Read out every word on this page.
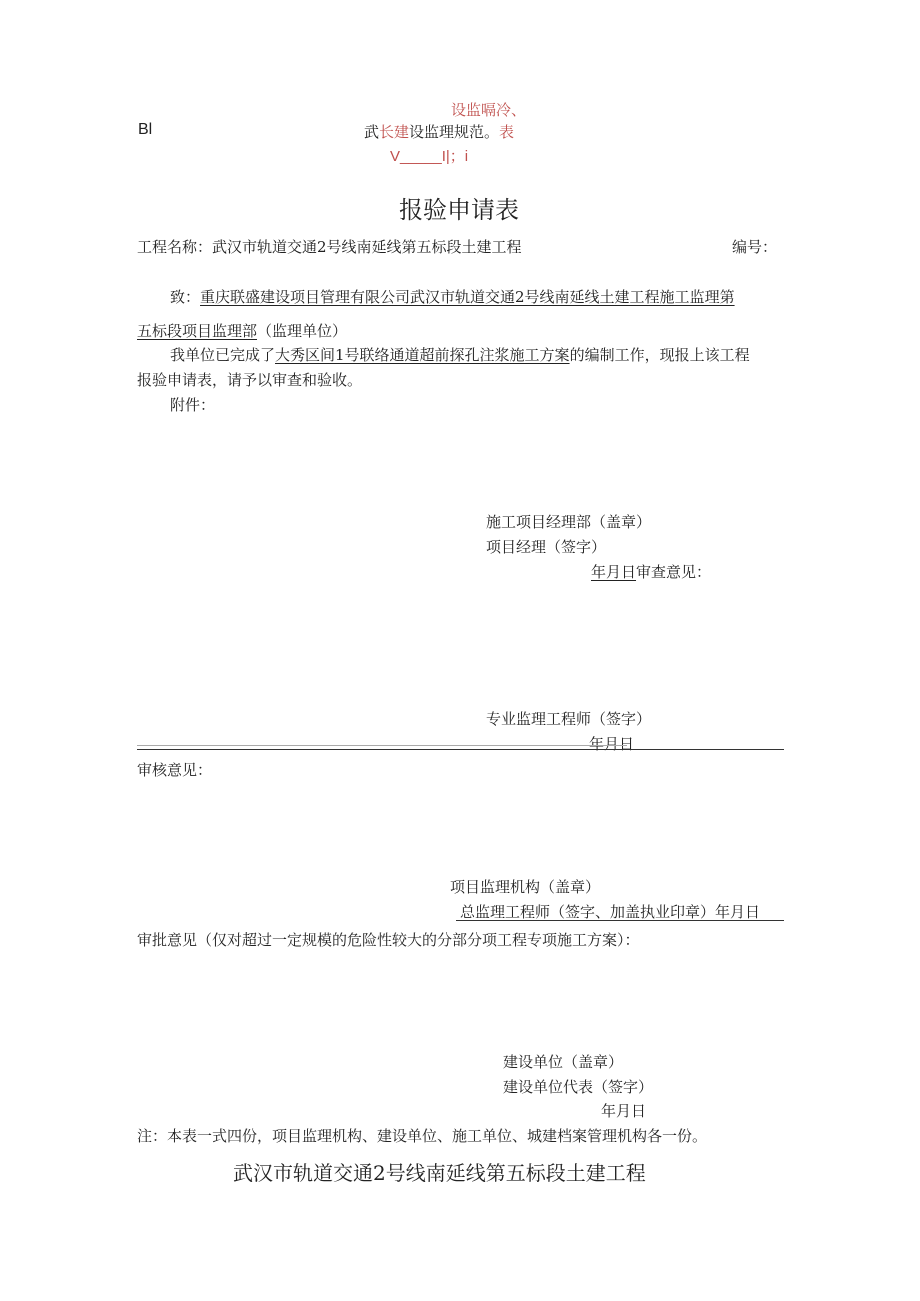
Bl
设监嗝冷、
武长建设监理规范。表
V_____I|；i
报验申请表
工程名称：武汉市轨道交通2号线南延线第五标段土建工程	编号：
致：重庆联盛建设项目管理有限公司武汉市轨道交通2号线南延线土建工程施工监理第
五标段项目监理部（监理单位）
我单位已完成了大秀区间1号联络通道超前探孔注浆施工方案的编制工作，现报上该工程
报验申请表，请予以审查和验收。
附件：
施工项目经理部（盖章）
项目经理（签字）
年月日审查意见：
专业监理工程师（签字）
年月日
审核意见：
项目监理机构（盖章）
总监理工程师（签字、加盖执业印章）年月日
审批意见（仅对超过一定规模的危险性较大的分部分项工程专项施工方案）：
建设单位（盖章）
建设单位代表（签字）
年月日
注：本表一式四份，项目监理机构、建设单位、施工单位、城建档案管理机构各一份。
武汉市轨道交通2号线南延线第五标段土建工程
